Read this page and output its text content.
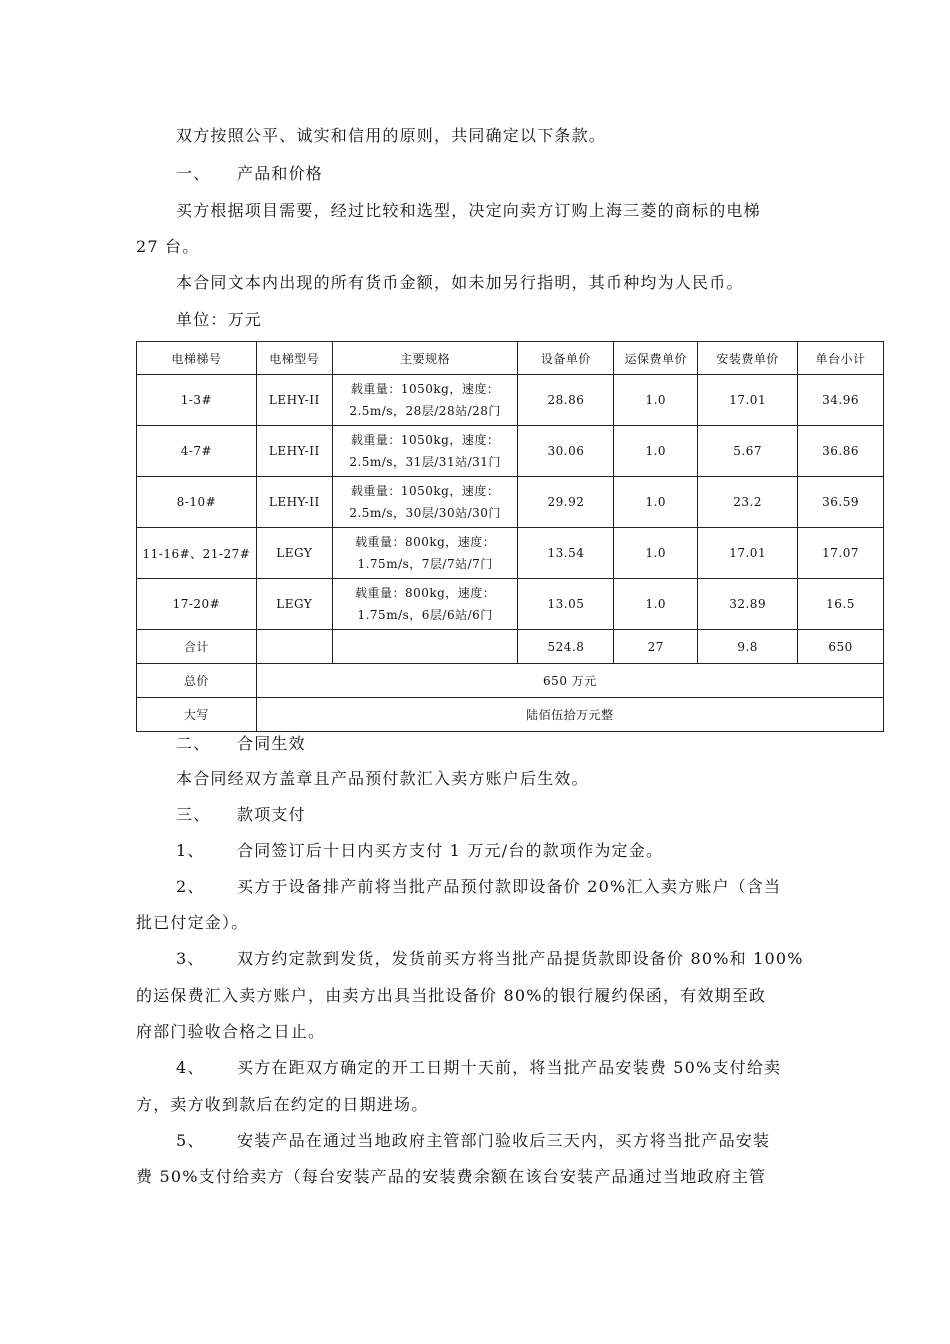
双方按照公平、诚实和信用的原则，共同确定以下条款。
一、 产品和价格
买方根据项目需要，经过比较和选型，决定向卖方订购上海三菱的商标的电梯
27 台。
本合同文本内出现的所有货币金额，如未加另行指明，其币种均为人民币。
单位：万元
电梯梯号	电梯型号	主要规格	设备单价	运保费单价	安装费单价	单台小计
1-3#	LEHY-II	载重量：1050kg，速度：
2.5m/s，28层/28站/28门	28.86	1.0	17.01	34.96
4-7#	LEHY-II	载重量：1050kg，速度：
2.5m/s，31层/31站/31门	30.06	1.0	5.67	36.86
8-10#	LEHY-II	载重量：1050kg，速度：
2.5m/s，30层/30站/30门	29.92	1.0	23.2	36.59
11-16#、21-27#	LEGY	载重量：800kg，速度：
1.75m/s，7层/7站/7门	13.54	1.0	17.01	17.07
17-20#	LEGY	载重量：800kg，速度：
1.75m/s，6层/6站/6门	13.05	1.0	32.89	16.5
合计			524.8	27	9.8	650
总价	650 万元					
大写	陆佰伍拾万元整					
二、 合同生效
本合同经双方盖章且产品预付款汇入卖方账户后生效。
三、 款项支付
1、 合同签订后十日内买方支付 1 万元/台的款项作为定金。
2、 买方于设备排产前将当批产品预付款即设备价 20%汇入卖方账户（含当
批已付定金）。
3、 双方约定款到发货，发货前买方将当批产品提货款即设备价 80%和 100%
的运保费汇入卖方账户，由卖方出具当批设备价 80%的银行履约保函，有效期至政
府部门验收合格之日止。
4、 买方在距双方确定的开工日期十天前，将当批产品安装费 50%支付给卖
方，卖方收到款后在约定的日期进场。
5、 安装产品在通过当地政府主管部门验收后三天内，买方将当批产品安装
费 50%支付给卖方（每台安装产品的安装费余额在该台安装产品通过当地政府主管
